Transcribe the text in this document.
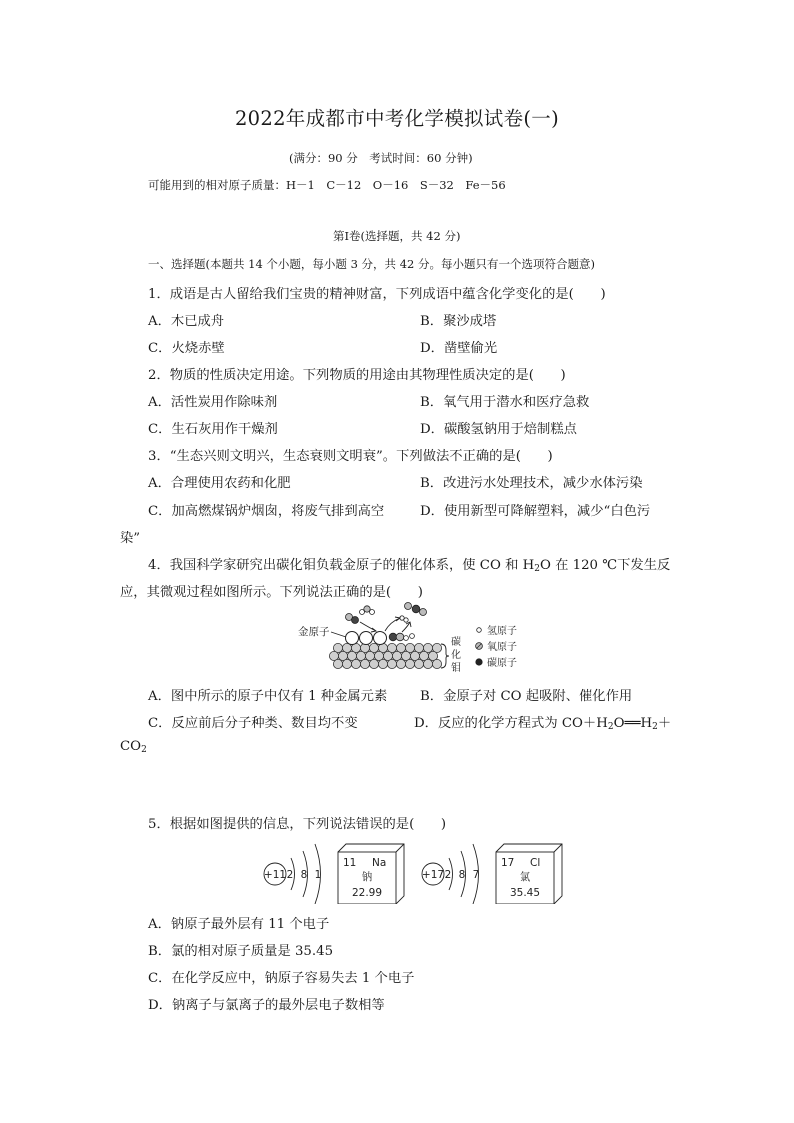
2022年成都市中考化学模拟试卷(一)
(满分：90 分　考试时间：60 分钟)
可能用到的相对原子质量：H－1　C－12　O－16　S－32　Fe－56
第Ⅰ卷(选择题，共 42 分)
一、选择题(本题共 14 个小题，每小题 3 分，共 42 分。每小题只有一个选项符合题意)
1．成语是古人留给我们宝贵的精神财富，下列成语中蕴含化学变化的是(　　)
A．木已成舟	B．聚沙成塔
C．火烧赤壁	D．凿壁偷光
2．物质的性质决定用途。下列物质的用途由其物理性质决定的是(　　)
A．活性炭用作除味剂	B．氧气用于潜水和医疗急救
C．生石灰用作干燥剂	D．碳酸氢钠用于焙制糕点
3．“生态兴则文明兴，生态衰则文明衰”。下列做法不正确的是(　　)
A．合理使用农药和化肥	B．改进污水处理技术，减少水体污染
C．加高燃煤锅炉烟囱，将废气排到高空	D．使用新型可降解塑料，减少“白色污
染”
4．我国科学家研究出碳化钼负载金原子的催化体系，使 CO 和 $H_2O$ 在 120 ℃下发生反
应，其微观过程如图所示。下列说法正确的是(　　)
金原子
碳
化
钼
氢原子
氧原子
碳原子
A．图中所示的原子中仅有 1 种金属元素 B．金原子对 CO 起吸附、催化作用
C．反应前后分子种类、数目均不变	D．反应的化学方程式为 $CO+H_2O══H_2+$
$CO_2$
5．根据如图提供的信息，下列说法错误的是(　　)
+11 2 8 1
11 Na
钠
22.99
+17 2 8 7
17 Cl
氯
35.45
A．钠原子最外层有 11 个电子
B．氯的相对原子质量是 35.45
C．在化学反应中，钠原子容易失去 1 个电子
D．钠离子与氯离子的最外层电子数相等
